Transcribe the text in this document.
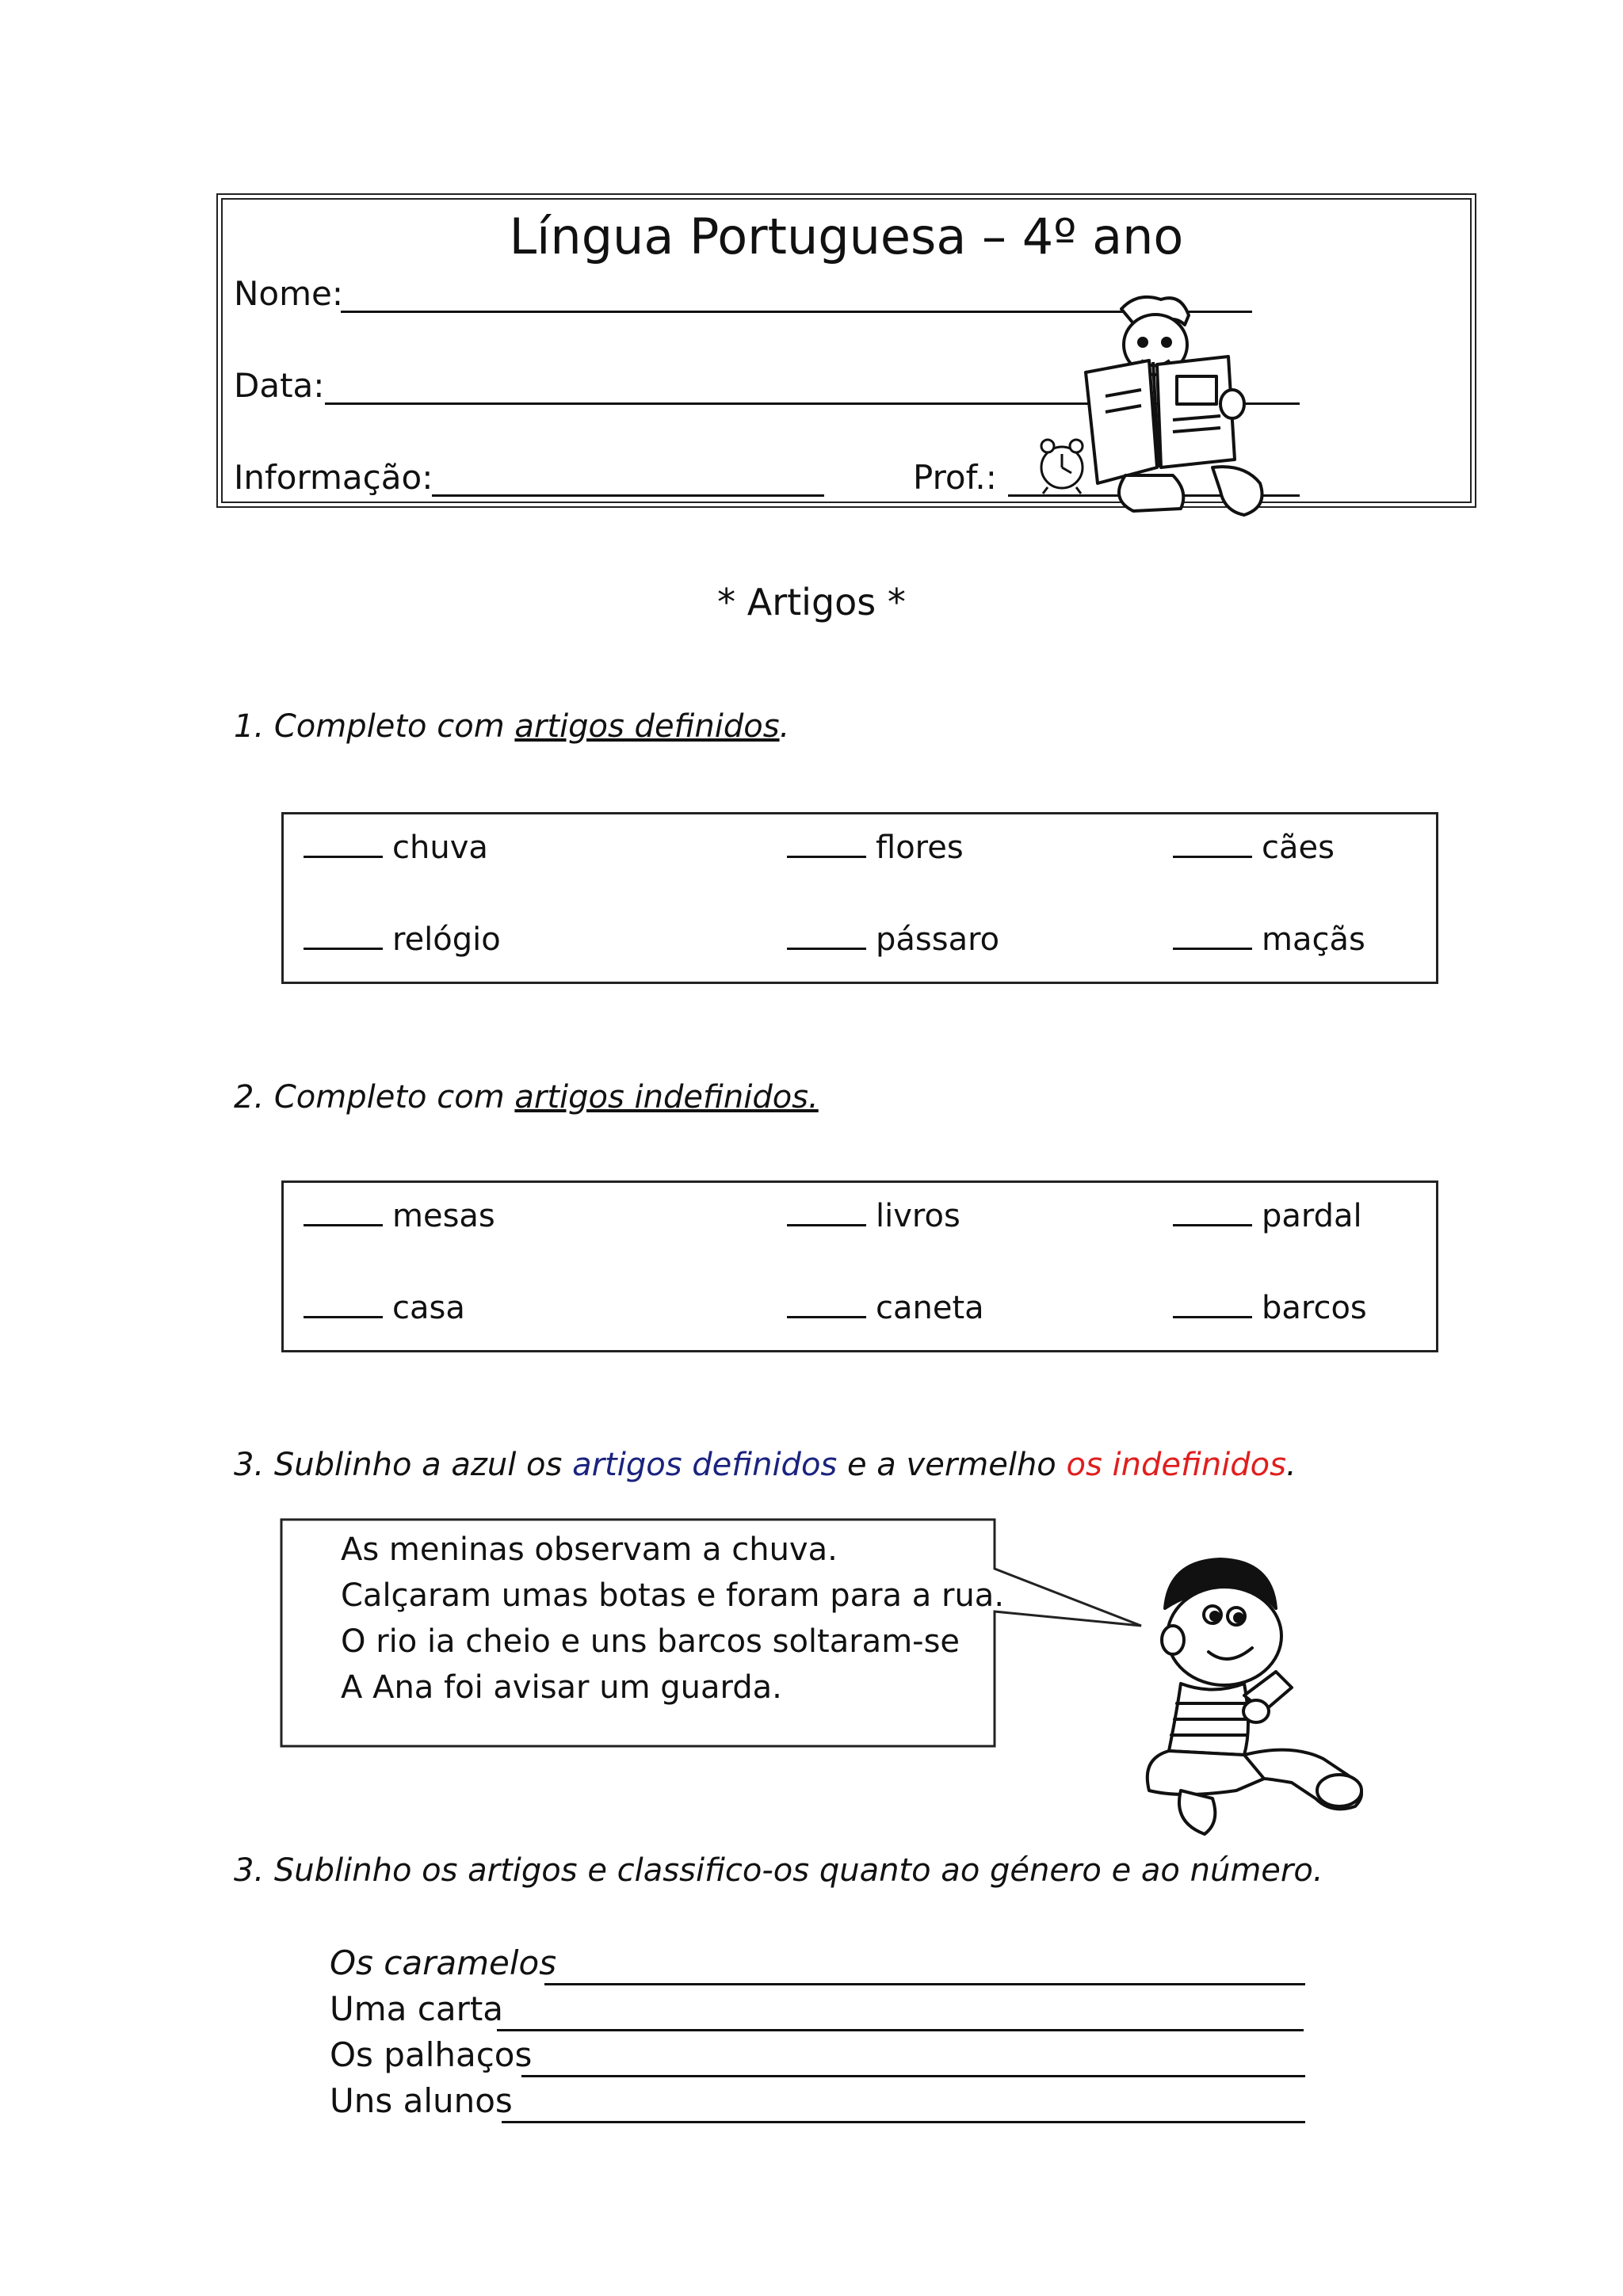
Língua Portuguesa – 4º ano
Nome:
Data:
Informação:	Prof.:
* Artigos *
1. Completo com artigos definidos.
chuva	flores	cães
relógio	pássaro	maçãs
2. Completo com artigos indefinidos.
mesas	livros	pardal
casa	caneta	barcos
3. Sublinho a azul os artigos definidos e a vermelho os indefinidos.
As meninas observam a chuva.
Calçaram umas botas e foram para a rua.
O rio ia cheio e uns barcos soltaram-se
A Ana foi avisar um guarda.
3. Sublinho os artigos e classifico-os quanto ao género e ao número.
Os caramelos
Uma carta
Os palhaços
Uns alunos
